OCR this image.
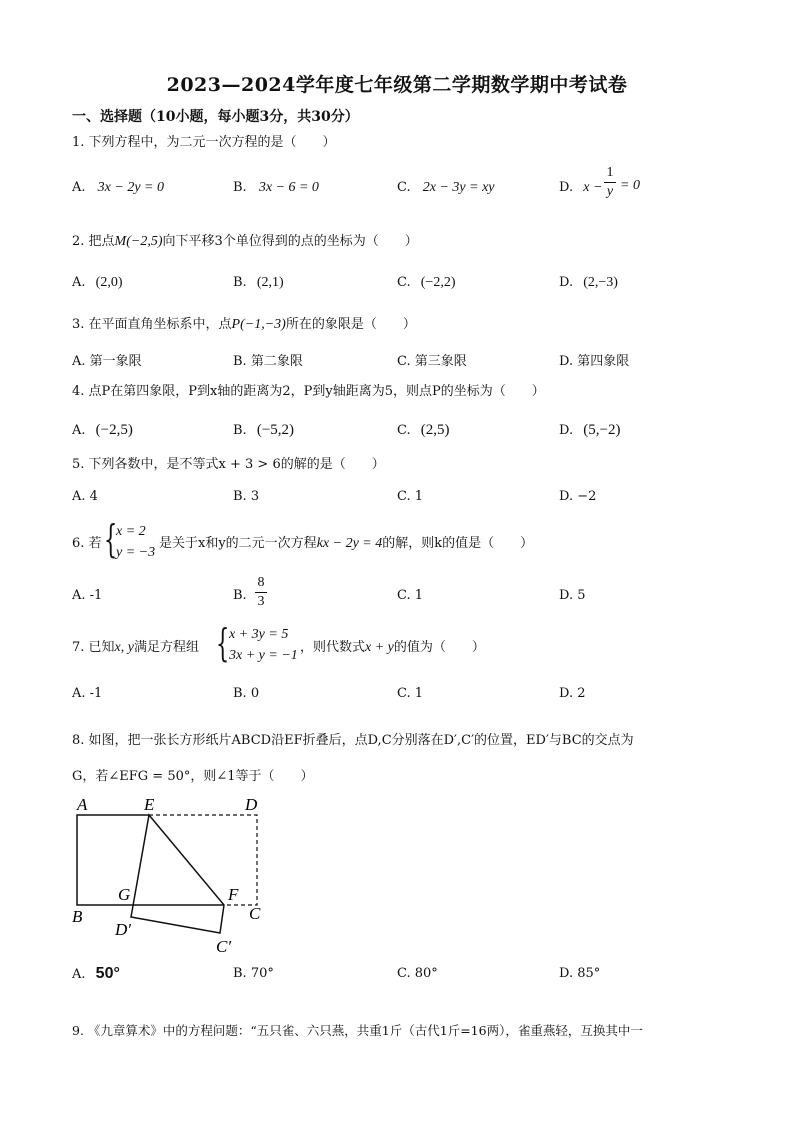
2023—2024学年度七年级第二学期数学期中考试卷
一、选择题（10小题，每小题3分，共30分）
1. 下列方程中，为二元一次方程的是（　　）
A. 3x − 2y = 0	B. 3x − 6 = 0	C. 2x − 3y = xy	D. x −
1
y = 0
2. 把点M(−2,5)向下平移3个单位得到的点的坐标为（　　）
A. (2,0)	B. (2,1)	C. (−2,2)	D. (2,−3)
3. 在平面直角坐标系中，点P(−1,−3)所在的象限是（　　）
A. 第一象限	B. 第二象限	C. 第三象限	D. 第四象限
4. 点P在第四象限，P到x轴的距离为2，P到y轴距离为5，则点P的坐标为（　　）
A. (−2,5)	B. (−5,2)	C. (2,5)	D. (5,−2)
5. 下列各数中，是不等式x + 3 > 6的解的是（　　）
A. 4	B. 3	C. 1	D. −2
6. 若 {
x = 2
y = −3
是关于x和y的二元一次方程kx − 2y = 4的解，则k的值是（　　）
A. -1	B.
8
3	C. 1	D. 5
7. 已知x, y满足方程组 { x + 3y = 5
3x + y = −1
，则代数式x + y的值为（　　）
A. -1	B. 0	C. 1	D. 2
8. 如图，把一张长方形纸片ABCD沿EF折叠后，点D,C分别落在D′,C′的位置，ED′与BC的交点为
G，若∠EFG = 50°，则∠1等于（　　）
A	E	D
G	F
B	C
D′
C′
A. 50°	B. 70°	C. 80°	D. 85°
9. 《九章算术》中的方程问题：“五只雀、六只燕，共重1斤（古代1斤=16两），雀重燕轻，互换其中一
